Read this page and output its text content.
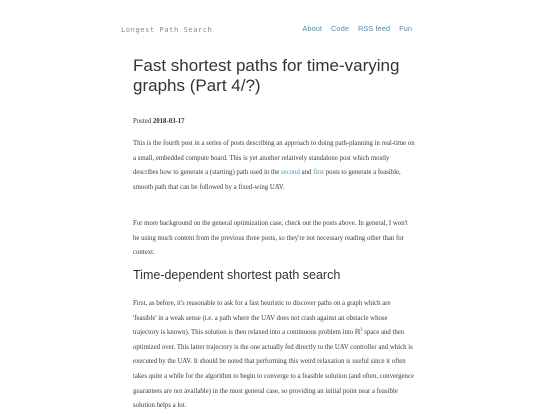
Longest Path Search	About Code RSS feed Fun
Fast shortest paths for time-varying graphs (Part 4/?)

Posted 2018-03-17

This is the fourth post in a series of posts describing an approach to doing path-planning in real-time on a small, embedded compute board. This is yet another relatively standalone post which mostly describes how to generate a (starting) path used in the second and first posts to generate a feasible, smooth path that can be followed by a fixed-wing UAV.

For more background on the general optimization case, check out the posts above. In general, I won't be using much content from the previous three posts, so they're not necessary reading other than for context.

Time-dependent shortest path search

First, as before, it's reasonable to ask for a fast heuristic to discover paths on a graph which are 'feasible' in a weak sense (i.e. a path where the UAV does not crash against an obstacle whose trajectory is known). This solution is then relaxed into a continuous problem into ℝ$^3$ space and then optimized over. This latter trajectory is the one actually fed directly to the UAV controller and which is executed by the UAV. It should be noted that performing this weird relaxation is useful since it often takes quite a while for the algorithm to begin to converge to a feasible solution (and often, convergence guarantees are not available) in the most general case, so providing an initial point near a feasible solution helps a lot.
